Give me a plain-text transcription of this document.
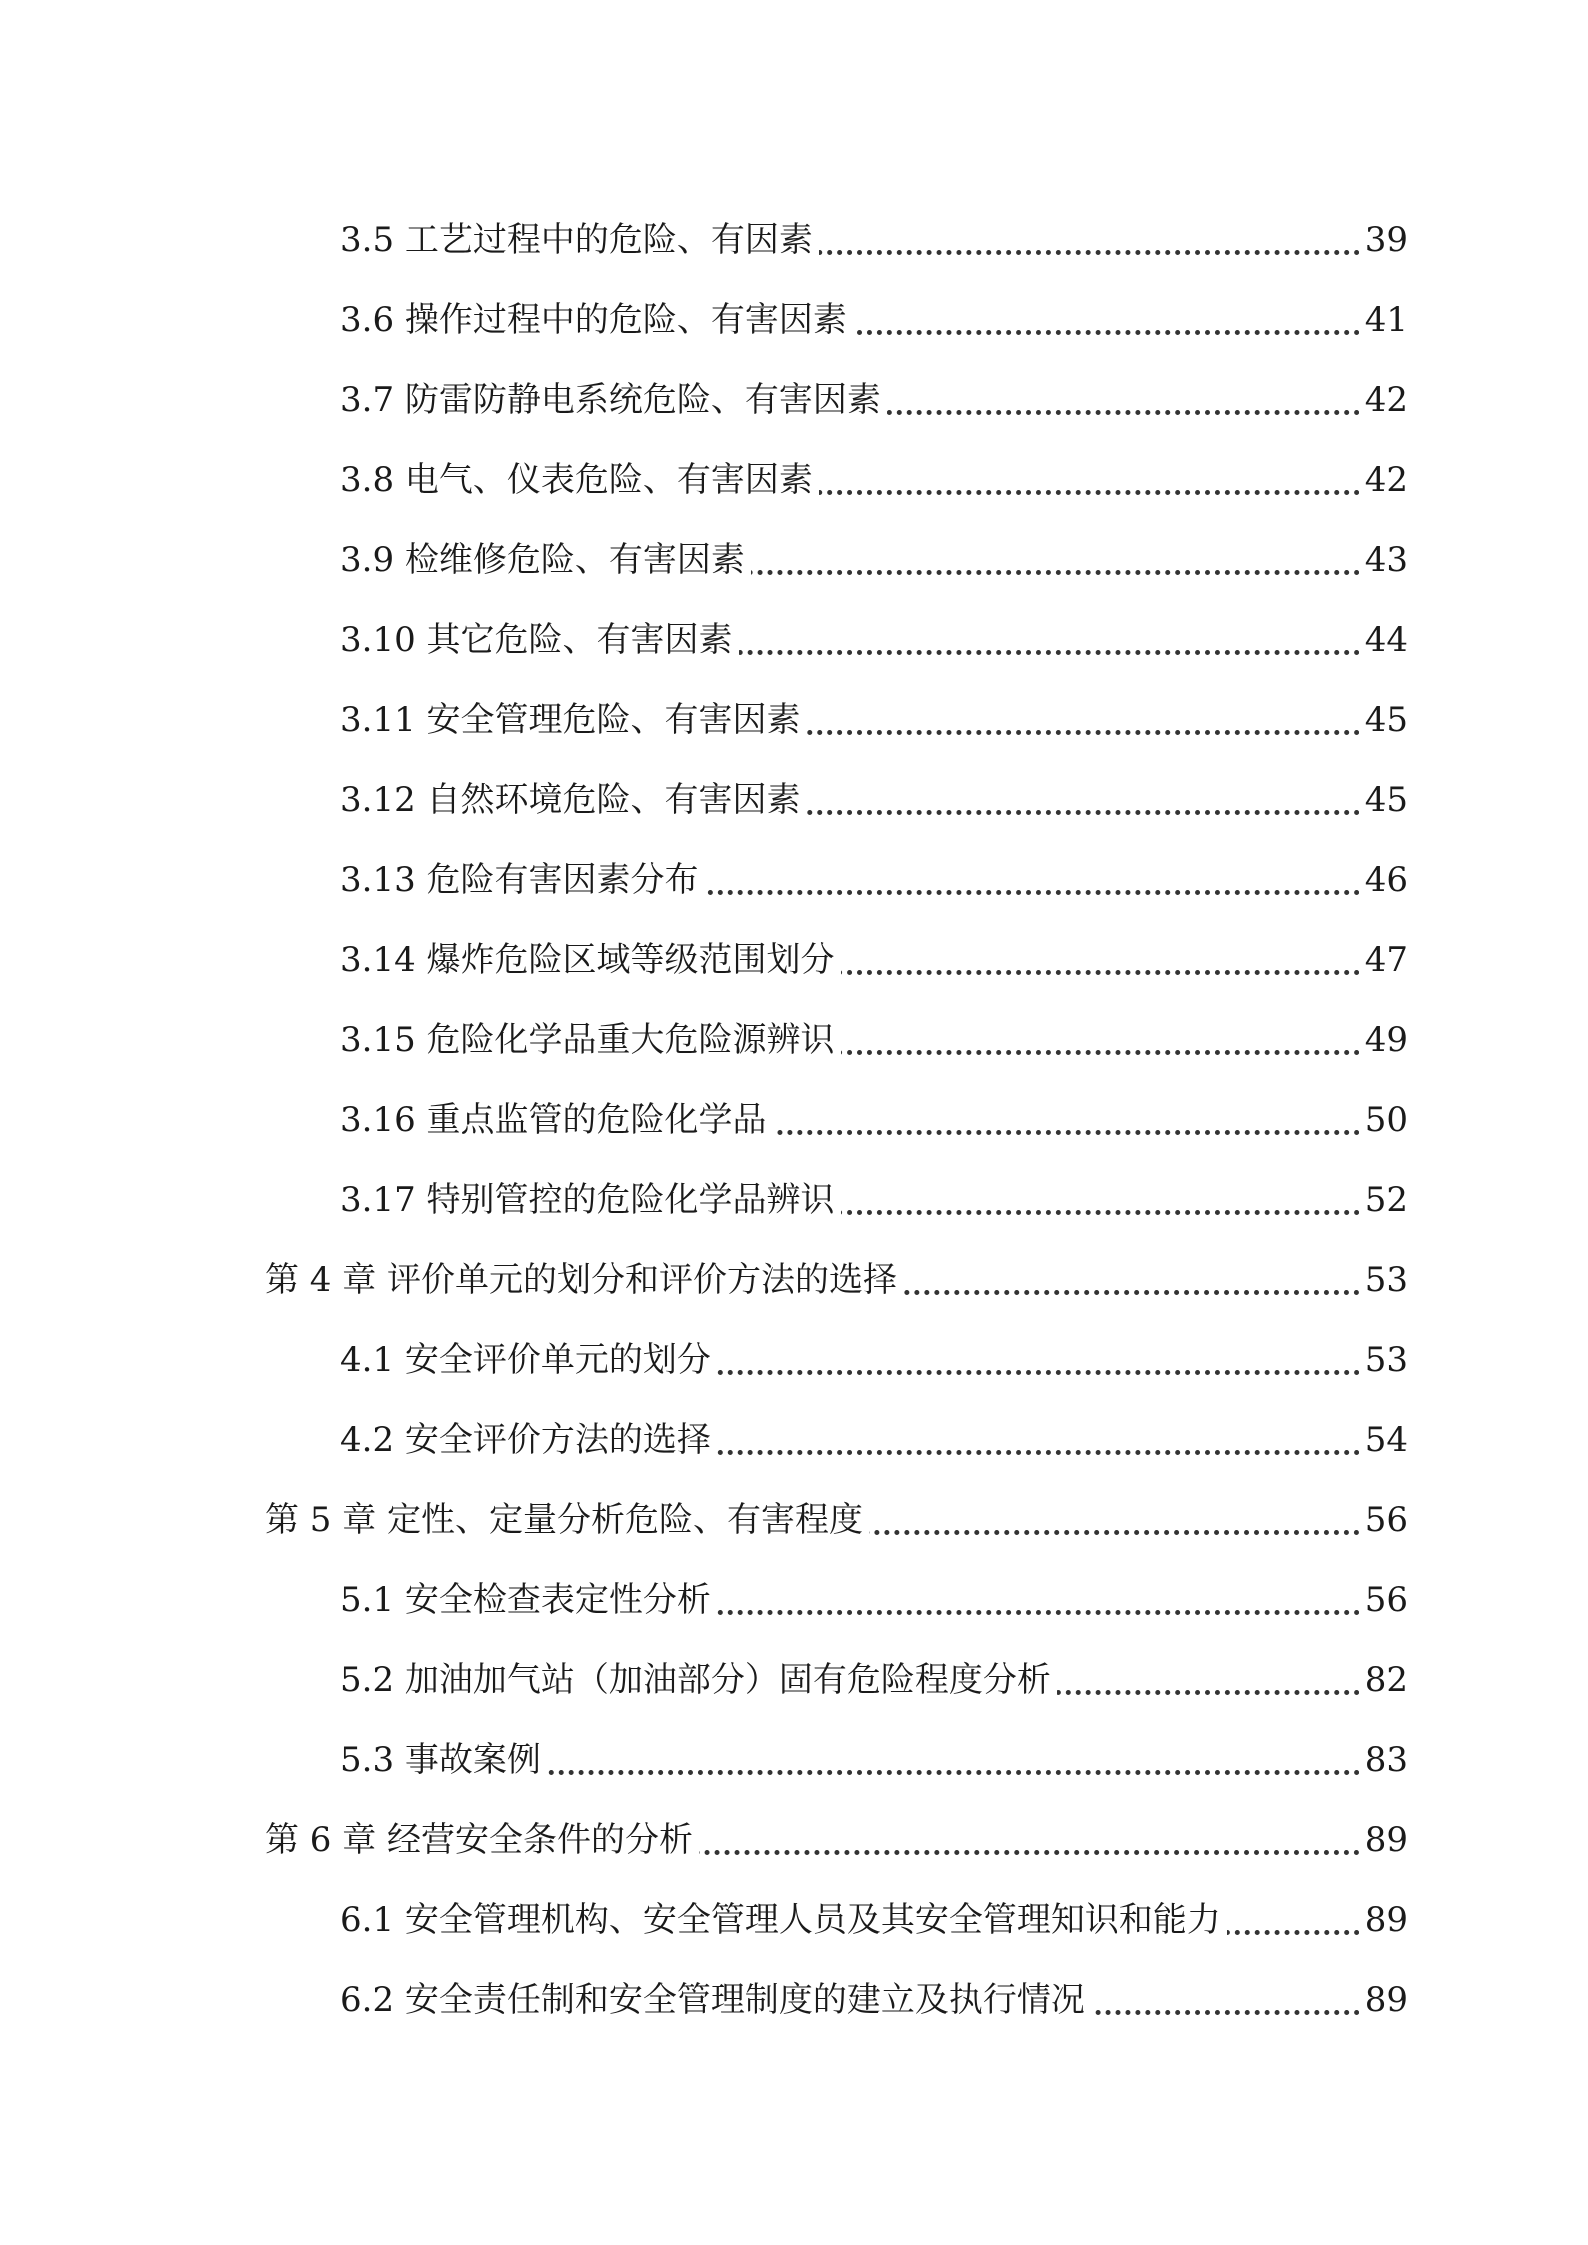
3.5 工艺过程中的危险、有因素	39
3.6 操作过程中的危险、有害因素	41
3.7 防雷防静电系统危险、有害因素	42
3.8 电气、仪表危险、有害因素	42
3.9 检维修危险、有害因素	43
3.10 其它危险、有害因素	44
3.11 安全管理危险、有害因素	45
3.12 自然环境危险、有害因素	45
3.13 危险有害因素分布	46
3.14 爆炸危险区域等级范围划分	47
3.15 危险化学品重大危险源辨识	49
3.16 重点监管的危险化学品	50
3.17 特别管控的危险化学品辨识	52
第 4 章 评价单元的划分和评价方法的选择	53
4.1 安全评价单元的划分	53
4.2 安全评价方法的选择	54
第 5 章 定性、定量分析危险、有害程度	56
5.1 安全检查表定性分析	56
5.2 加油加气站（加油部分）固有危险程度分析	82
5.3 事故案例	83
第 6 章 经营安全条件的分析	89
6.1 安全管理机构、安全管理人员及其安全管理知识和能力	89
6.2 安全责任制和安全管理制度的建立及执行情况	89
